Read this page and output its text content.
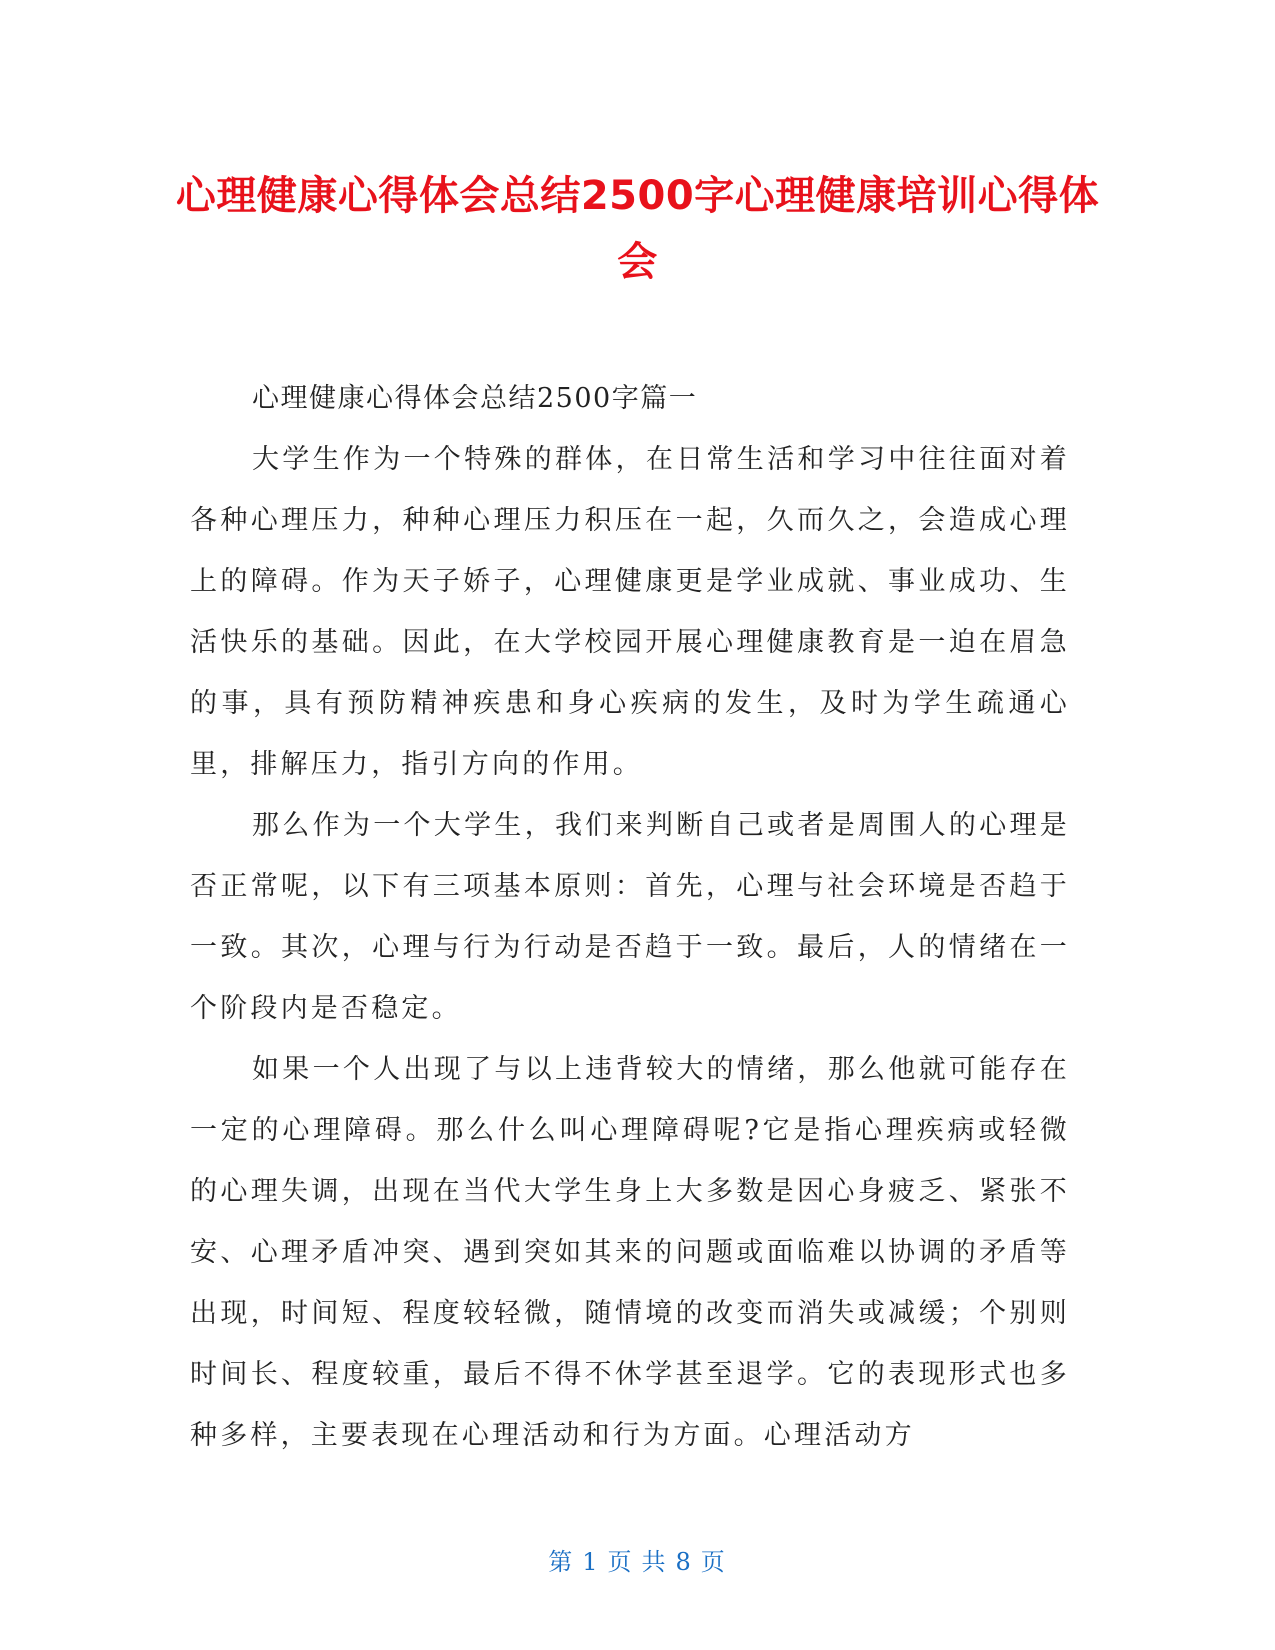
心理健康心得体会总结2500字心理健康培训心得体会

心理健康心得体会总结2500字篇一

大学生作为一个特殊的群体，在日常生活和学习中往往面对着各种心理压力，种种心理压力积压在一起，久而久之，会造成心理上的障碍。作为天子娇子，心理健康更是学业成就、事业成功、生活快乐的基础。因此，在大学校园开展心理健康教育是一迫在眉急的事，具有预防精神疾患和身心疾病的发生，及时为学生疏通心里，排解压力，指引方向的作用。

那么作为一个大学生，我们来判断自己或者是周围人的心理是否正常呢，以下有三项基本原则：首先，心理与社会环境是否趋于一致。其次，心理与行为行动是否趋于一致。最后，人的情绪在一个阶段内是否稳定。

如果一个人出现了与以上违背较大的情绪，那么他就可能存在一定的心理障碍。那么什么叫心理障碍呢?它是指心理疾病或轻微的心理失调，出现在当代大学生身上大多数是因心身疲乏、紧张不安、心理矛盾冲突、遇到突如其来的问题或面临难以协调的矛盾等出现，时间短、程度较轻微，随情境的改变而消失或减缓；个别则时间长、程度较重，最后不得不休学甚至退学。它的表现形式也多种多样，主要表现在心理活动和行为方面。心理活动方

第 1 页 共 8 页
